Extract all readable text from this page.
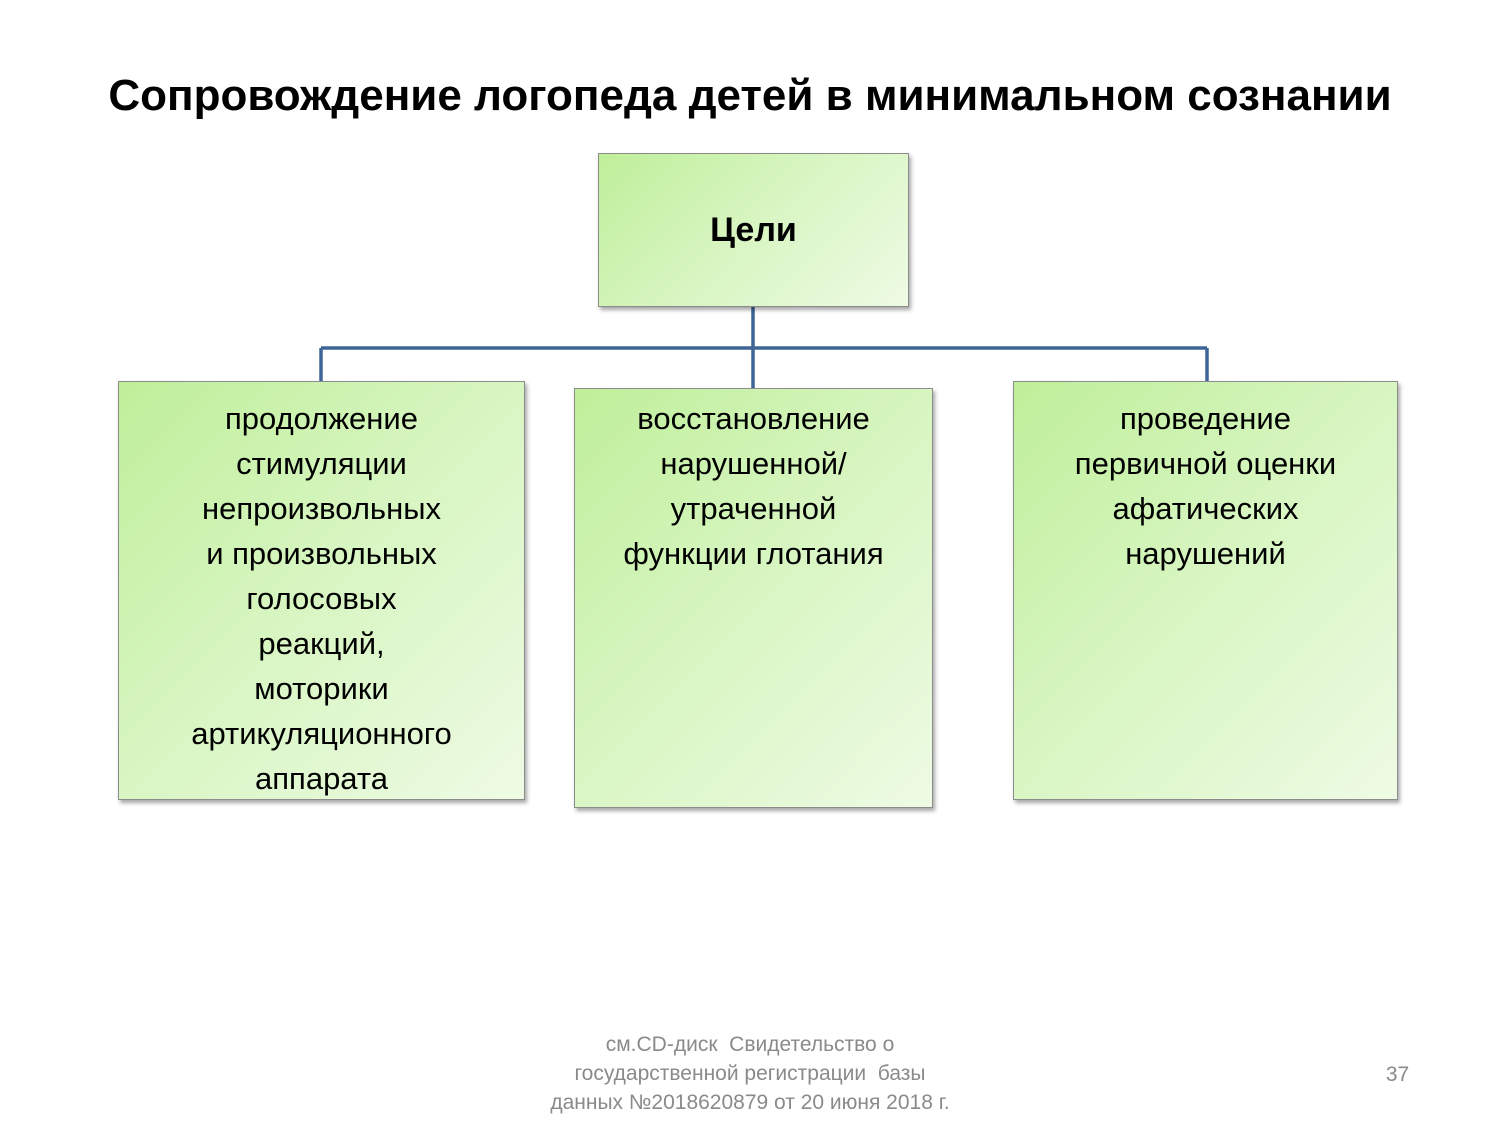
Сопровождение логопеда детей в минимальном сознании
Цели
продолжение
стимуляции
непроизвольных
и произвольных
голосовых
реакций,
моторики
артикуляционного
аппарата
восстановление
нарушенной/
утраченной
функции глотания
проведение
первичной оценки
афатических
нарушений
см.CD-диск  Свидетельство о
государственной регистрации  базы
данных №2018620879 от 20 июня 2018 г.
37
